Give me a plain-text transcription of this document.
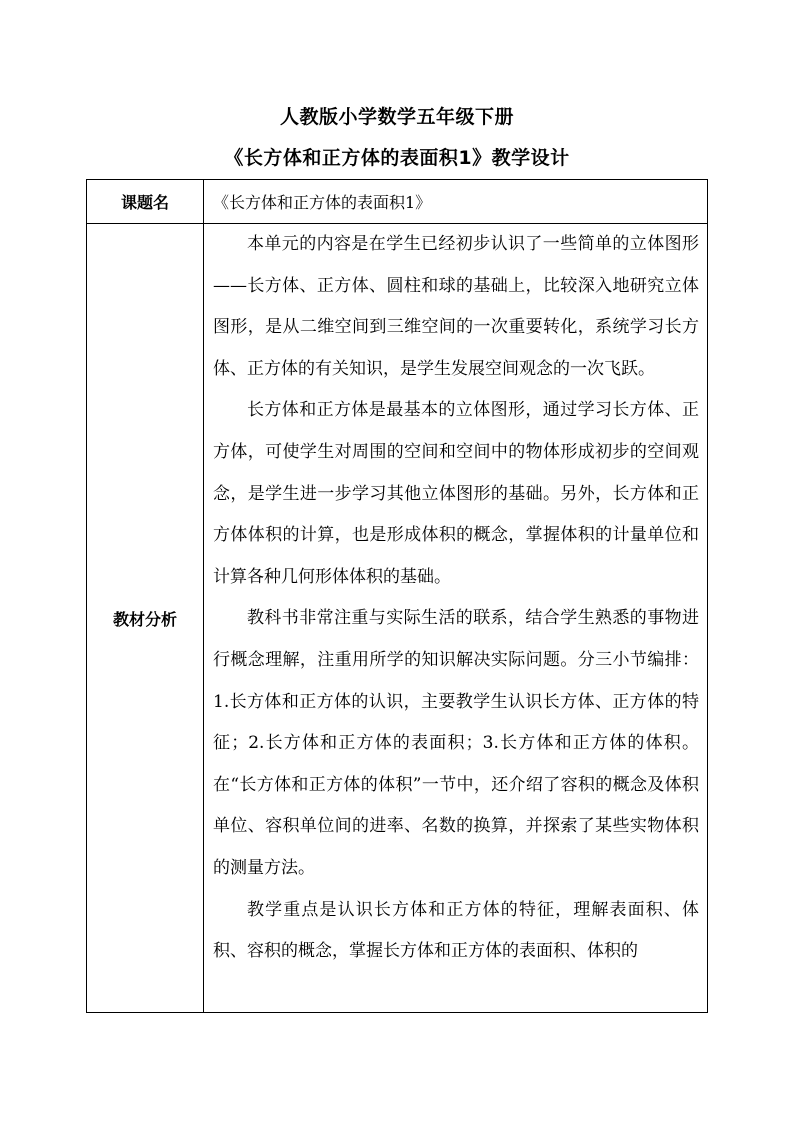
人教版小学数学五年级下册
《长方体和正方体的表面积1》教学设计
课题名	《长方体和正方体的表面积1》
教材分析

本单元的内容是在学生已经初步认识了一些简单的立体图形——长方体、正方体、圆柱和球的基础上，比较深入地研究立体图形，是从二维空间到三维空间的一次重要转化，系统学习长方体、正方体的有关知识，是学生发展空间观念的一次飞跃。

长方体和正方体是最基本的立体图形，通过学习长方体、正方体，可使学生对周围的空间和空间中的物体形成初步的空间观念，是学生进一步学习其他立体图形的基础。另外，长方体和正方体体积的计算，也是形成体积的概念，掌握体积的计量单位和计算各种几何形体体积的基础。

教科书非常注重与实际生活的联系，结合学生熟悉的事物进行概念理解，注重用所学的知识解决实际问题。分三小节编排：1.长方体和正方体的认识，主要教学生认识长方体、正方体的特征；2.长方体和正方体的表面积；3.长方体和正方体的体积。在“长方体和正方体的体积”一节中，还介绍了容积的概念及体积单位、容积单位间的进率、名数的换算，并探索了某些实物体积的测量方法。

教学重点是认识长方体和正方体的特征，理解表面积、体积、容积的概念，掌握长方体和正方体的表面积、体积的
